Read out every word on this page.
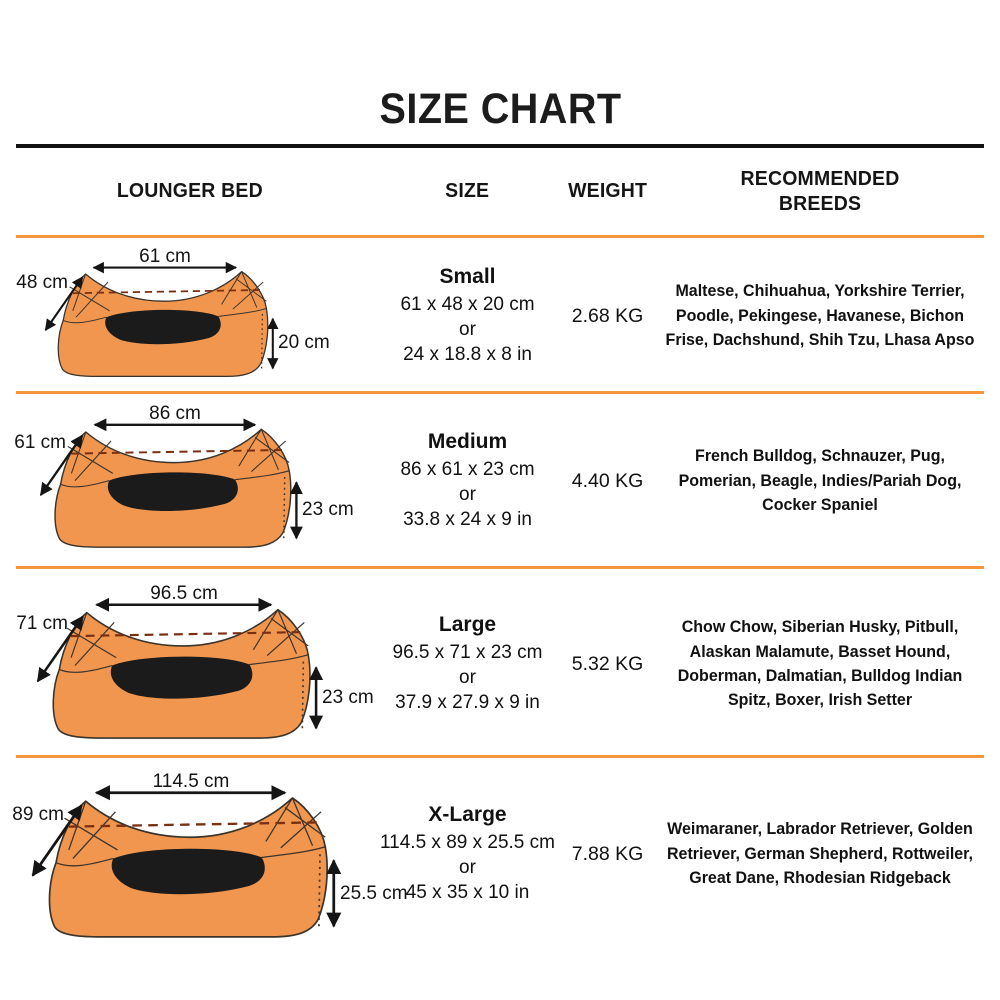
SIZE CHART
LOUNGER BED	SIZE	WEIGHT
RECOMMENDED BREEDS
61 cm
48 cm
20 cm
Small
61 x 48 x 20 cm
or
24 x 18.8 x 8 in
2.68 KG
Maltese, Chihuahua, Yorkshire Terrier, Poodle, Pekingese, Havanese, Bichon Frise, Dachshund, Shih Tzu, Lhasa Apso
86 cm
61 cm
23 cm
Medium
86 x 61 x 23 cm
or
33.8 x 24 x 9 in
4.40 KG
French Bulldog, Schnauzer, Pug, Pomerian, Beagle, Indies/Pariah Dog, Cocker Spaniel
96.5 cm
71 cm
23 cm
Large
96.5 x 71 x 23 cm
or
37.9 x 27.9 x 9 in
5.32 KG
Chow Chow, Siberian Husky, Pitbull, Alaskan Malamute, Basset Hound, Doberman, Dalmatian, Bulldog Indian Spitz, Boxer, Irish Setter
114.5 cm
89 cm
25.5 cm
X-Large
114.5 x 89 x 25.5 cm
or
45 x 35 x 10 in
7.88 KG
Weimaraner, Labrador Retriever, Golden Retriever, German Shepherd, Rottweiler, Great Dane, Rhodesian Ridgeback
